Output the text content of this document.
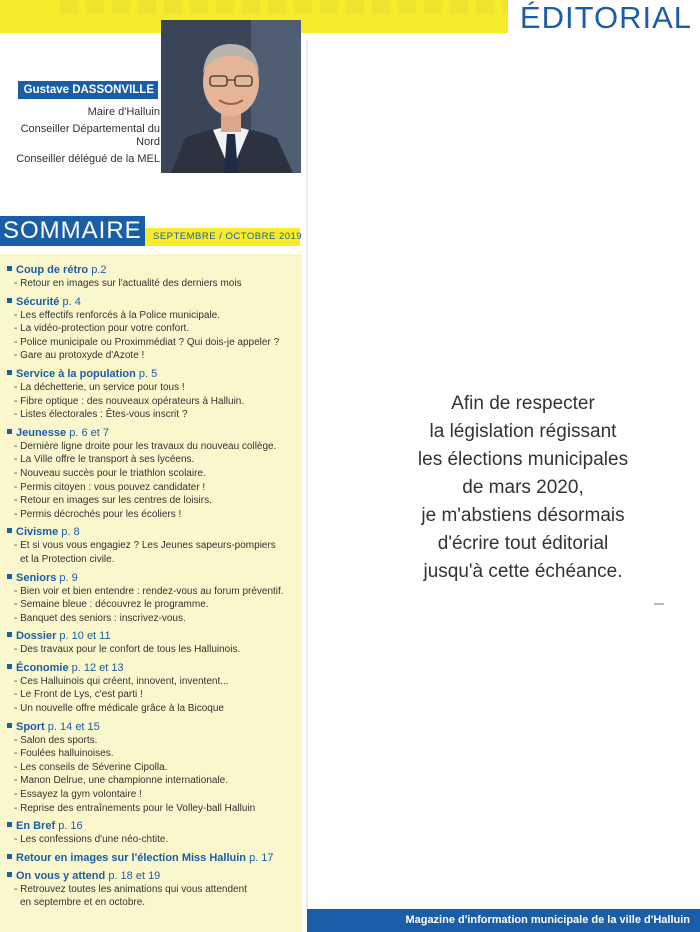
ÉDITORIAL
Gustave DASSONVILLE
Maire d'Halluin
Conseiller Départemental du Nord
Conseiller délégué de la MEL
SOMMAIRE SEPTEMBRE / OCTOBRE 2019
Coup de rétro p.2
- Retour en images sur l'actualité des derniers mois
Sécurité p. 4
- Les effectifs renforcés à la Police municipale.
- La vidéo-protection pour votre confort.
- Police municipale ou Proximmédiat ? Qui dois-je appeler ?
- Gare au protoxyde d'Azote !
Service à la population p. 5
- La déchetterie, un service pour tous !
- Fibre optique : des nouveaux opérateurs à Halluin.
- Listes électorales : Êtes-vous inscrit ?
Jeunesse p. 6 et 7
- Dernière ligne droite pour les travaux du nouveau collège.
- La Ville offre le transport à ses lycéens.
- Nouveau succès pour le triathlon scolaire.
- Permis citoyen : vous pouvez candidater !
- Retour en images sur les centres de loisirs.
- Permis décrochés pour les écoliers !
Civisme p. 8
- Et si vous vous engagiez ? Les Jeunes sapeurs-pompiers
et la Protection civile.
Seniors p. 9
- Bien voir et bien entendre : rendez-vous au forum préventif.
- Semaine bleue : découvrez le programme.
- Banquet des seniors : inscrivez-vous.
Dossier p. 10 et 11
- Des travaux pour le confort de tous les Halluinois.
Économie p. 12 et 13
- Ces Halluinois qui créent, innovent, inventent...
- Le Front de Lys, c'est parti !
- Un nouvelle offre médicale grâce à la Bicoque
Sport p. 14 et 15
- Salon des sports.
- Foulées halluinoises.
- Les conseils de Séverine Cipolla.
- Manon Delrue, une championne internationale.
- Essayez la gym volontaire !
- Reprise des entraînements pour le Volley-ball Halluin
En Bref p. 16
- Les confessions d'une néo-chtite.
Retour en images sur l'élection Miss Halluin p. 17
On vous y attend p. 18 et 19
- Retrouvez toutes les animations qui vous attendent
en septembre et en octobre.
Afin de respecter
la législation régissant
les élections municipales
de mars 2020,
je m'abstiens désormais
d'écrire tout éditorial
jusqu'à cette échéance.
Magazine d'information municipale de la ville d'Halluin
